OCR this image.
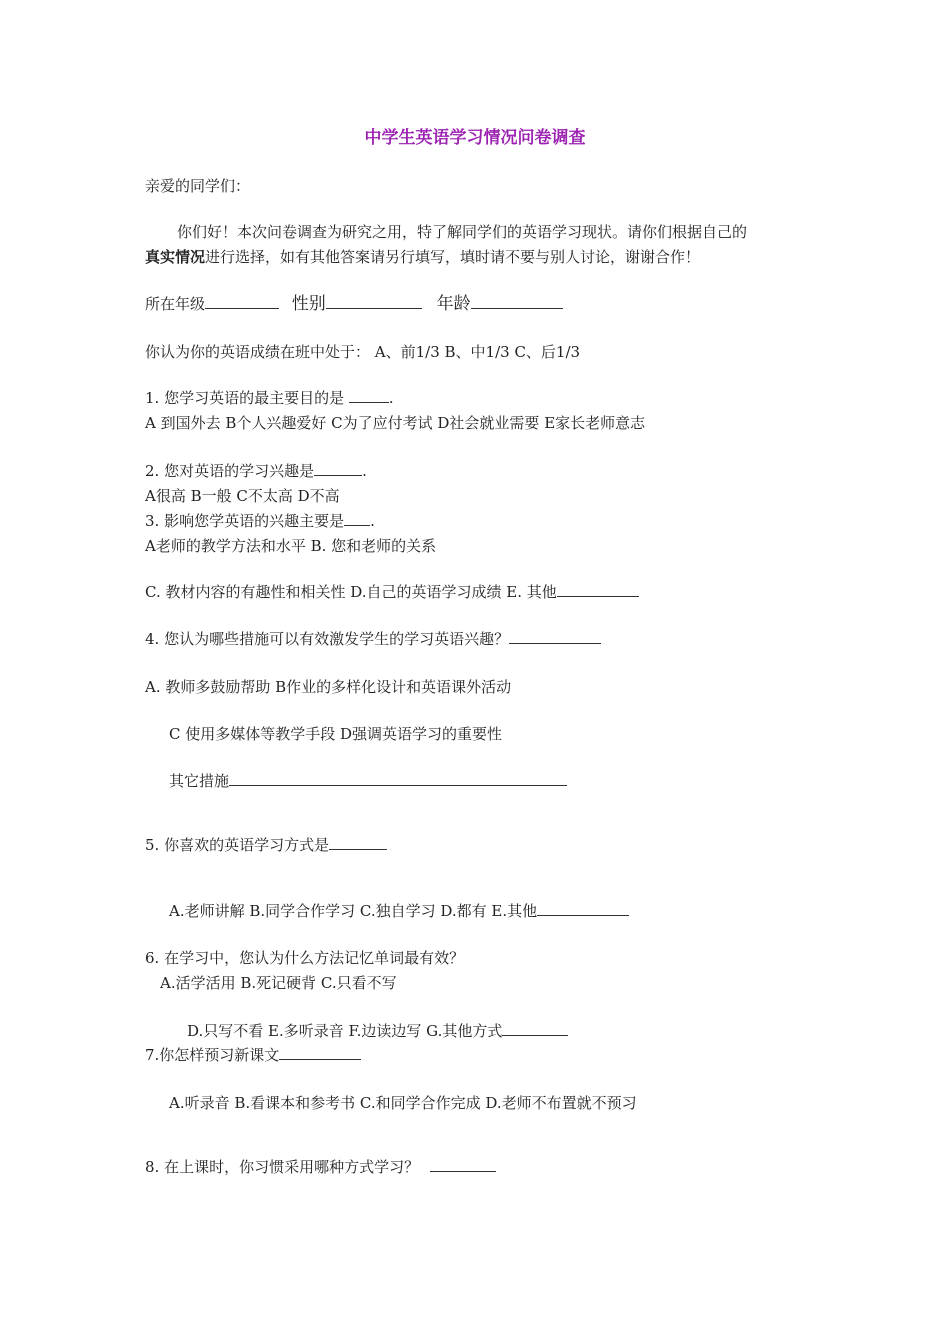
中学生英语学习情况问卷调查
亲爱的同学们：
你们好！本次问卷调查为研究之用，特了解同学们的英语学习现状。请你们根据自己的
真实情况进行选择，如有其他答案请另行填写，填时请不要与别人讨论，谢谢合作！
所在年级	性别	年龄
你认为你的英语成绩在班中处于： A、前1/3 B、中1/3 C、后1/3
1. 您学习英语的最主要目的是	.
A 到国外去 B个人兴趣爱好 C为了应付考试 D社会就业需要 E家长老师意志
2. 您对英语的学习兴趣是	.
A很高 B一般 C不太高 D不高
3. 影响您学英语的兴趣主要是 .
A老师的教学方法和水平 B. 您和老师的关系
C. 教材内容的有趣性和相关性 D.自己的英语学习成绩 E. 其他
4. 您认为哪些措施可以有效激发学生的学习英语兴趣？
A. 教师多鼓励帮助 B作业的多样化设计和英语课外活动
C 使用多媒体等教学手段 D强调英语学习的重要性
其它措施
5. 你喜欢的英语学习方式是
A.老师讲解 B.同学合作学习 C.独自学习 D.都有 E.其他
6. 在学习中，您认为什么方法记忆单词最有效？
A.活学活用 B.死记硬背 C.只看不写
D.只写不看 E.多听录音 F.边读边写 G.其他方式
7.你怎样预习新课文
A.听录音 B.看课本和参考书 C.和同学合作完成 D.老师不布置就不预习
8. 在上课时，你习惯采用哪种方式学习？
